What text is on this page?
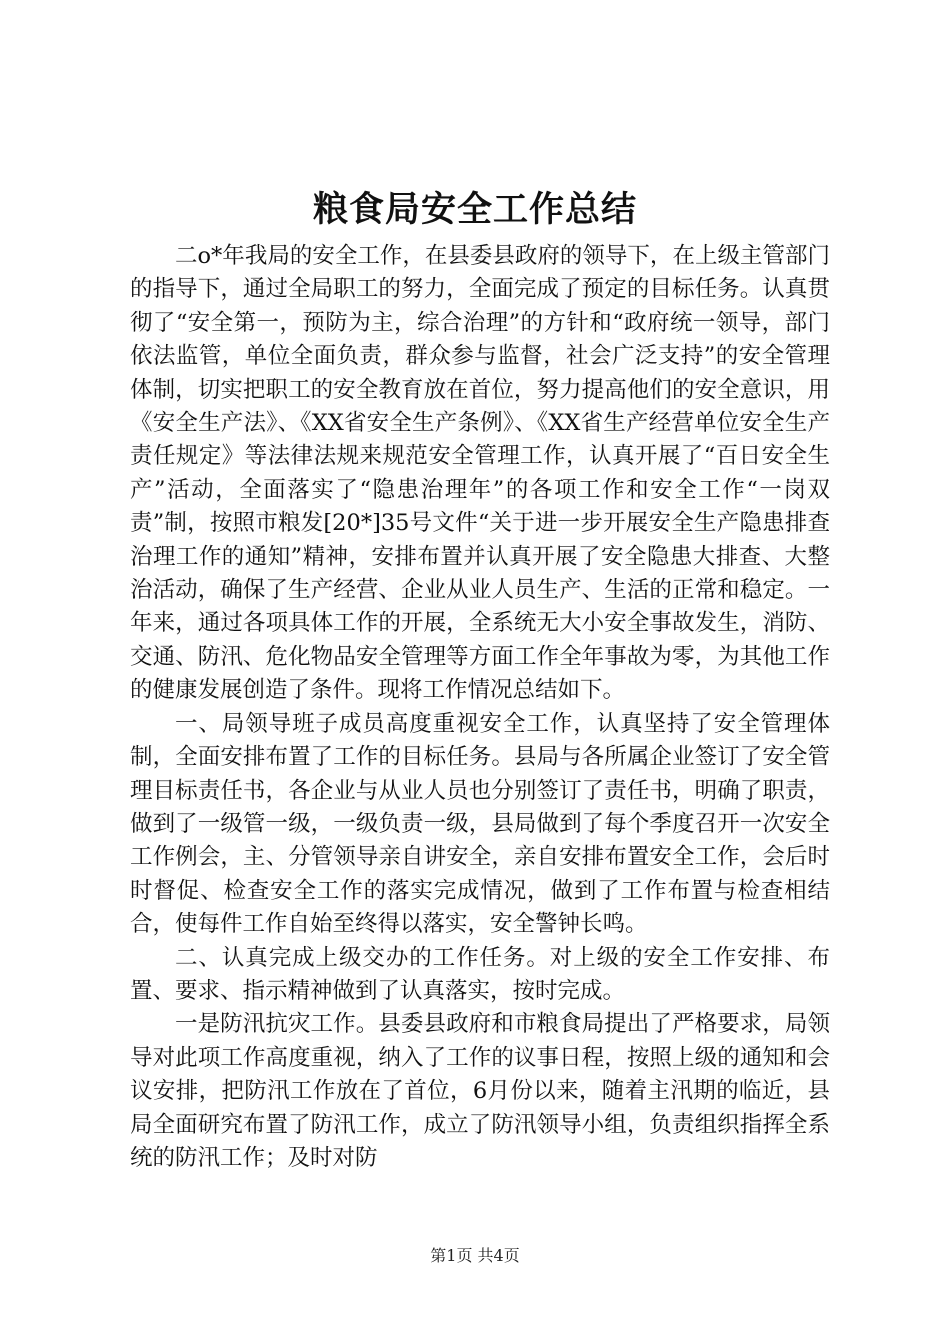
粮食局安全工作总结

二o*年我局的安全工作，在县委县政府的领导下，在上级主管部门的指导下，通过全局职工的努力，全面完成了预定的目标任务。认真贯彻了“安全第一，预防为主，综合治理”的方针和“政府统一领导，部门依法监管，单位全面负责，群众参与监督，社会广泛支持”的安全管理体制，切实把职工的安全教育放在首位，努力提高他们的安全意识，用《安全生产法》、《XX省安全生产条例》、《XX省生产经营单位安全生产责任规定》等法律法规来规范安全管理工作，认真开展了“百日安全生产”活动，全面落实了“隐患治理年”的各项工作和安全工作“一岗双责”制，按照市粮发[20*]35号文件“关于进一步开展安全生产隐患排查治理工作的通知”精神，安排布置并认真开展了安全隐患大排查、大整治活动，确保了生产经营、企业从业人员生产、生活的正常和稳定。一年来，通过各项具体工作的开展，全系统无大小安全事故发生，消防、交通、防汛、危化物品安全管理等方面工作全年事故为零，为其他工作的健康发展创造了条件。现将工作情况总结如下。

一、局领导班子成员高度重视安全工作，认真坚持了安全管理体制，全面安排布置了工作的目标任务。县局与各所属企业签订了安全管理目标责任书，各企业与从业人员也分别签订了责任书，明确了职责，做到了一级管一级，一级负责一级，县局做到了每个季度召开一次安全工作例会，主、分管领导亲自讲安全，亲自安排布置安全工作，会后时时督促、检查安全工作的落实完成情况，做到了工作布置与检查相结合，使每件工作自始至终得以落实，安全警钟长鸣。

二、认真完成上级交办的工作任务。对上级的安全工作安排、布置、要求、指示精神做到了认真落实，按时完成。

一是防汛抗灾工作。县委县政府和市粮食局提出了严格要求，局领导对此项工作高度重视，纳入了工作的议事日程，按照上级的通知和会议安排，把防汛工作放在了首位，6月份以来，随着主汛期的临近，县局全面研究布置了防汛工作，成立了防汛领导小组，负责组织指挥全系统的防汛工作；及时对防

第1页 共4页
